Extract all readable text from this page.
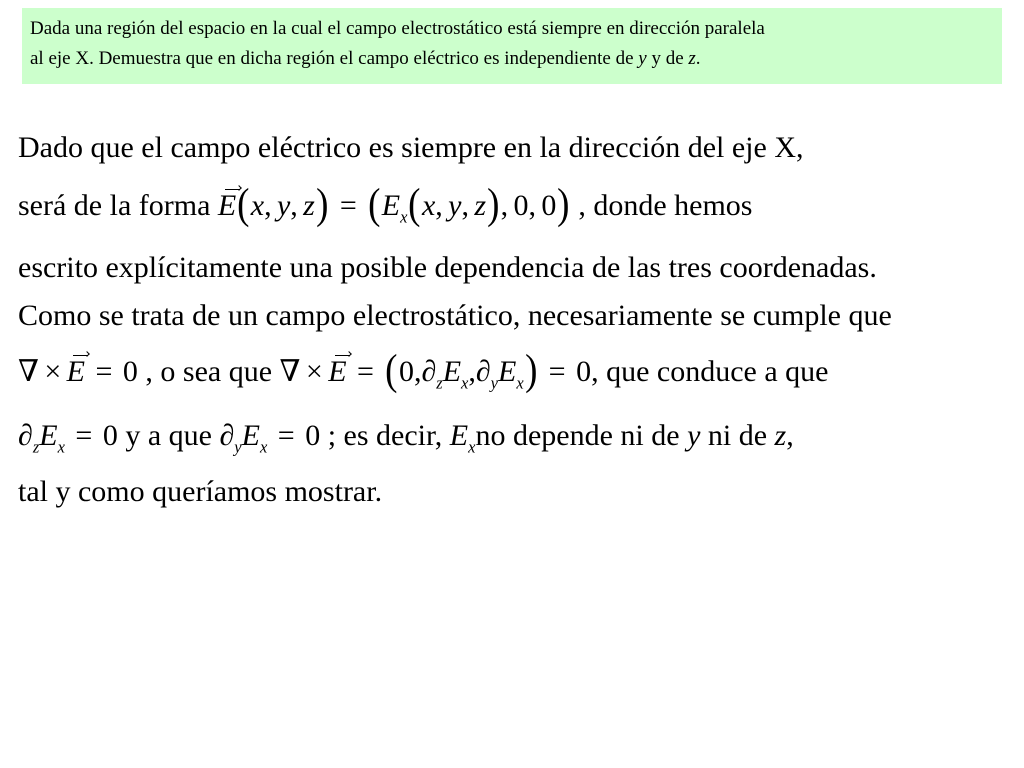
Dada una región del espacio en la cual el campo electrostático está siempre en dirección paralela
al eje X. Demuestra que en dicha región el campo eléctrico es independiente de y y de z.
Dado que el campo eléctrico es siempre en la dirección del eje X,
será de la forma E(x, y, $z) = (E_x(x$, y, z), 0, 0) , donde hemos
escrito explícitamente una posible dependencia de las tres coordenadas.
Como se trata de un campo electrostático, necesariamente se cumple que
∇ × E = 0 , o sea que ∇ × $E = (0,\partial_zE_x,\partial_yE_x) = 0$, que conduce a que
$\partial_zE_x = 0$ y a que $\partial_yE_x = 0$ ; es decir, $E_xno$ depende ni de y ni de z,
tal y como queríamos mostrar.
